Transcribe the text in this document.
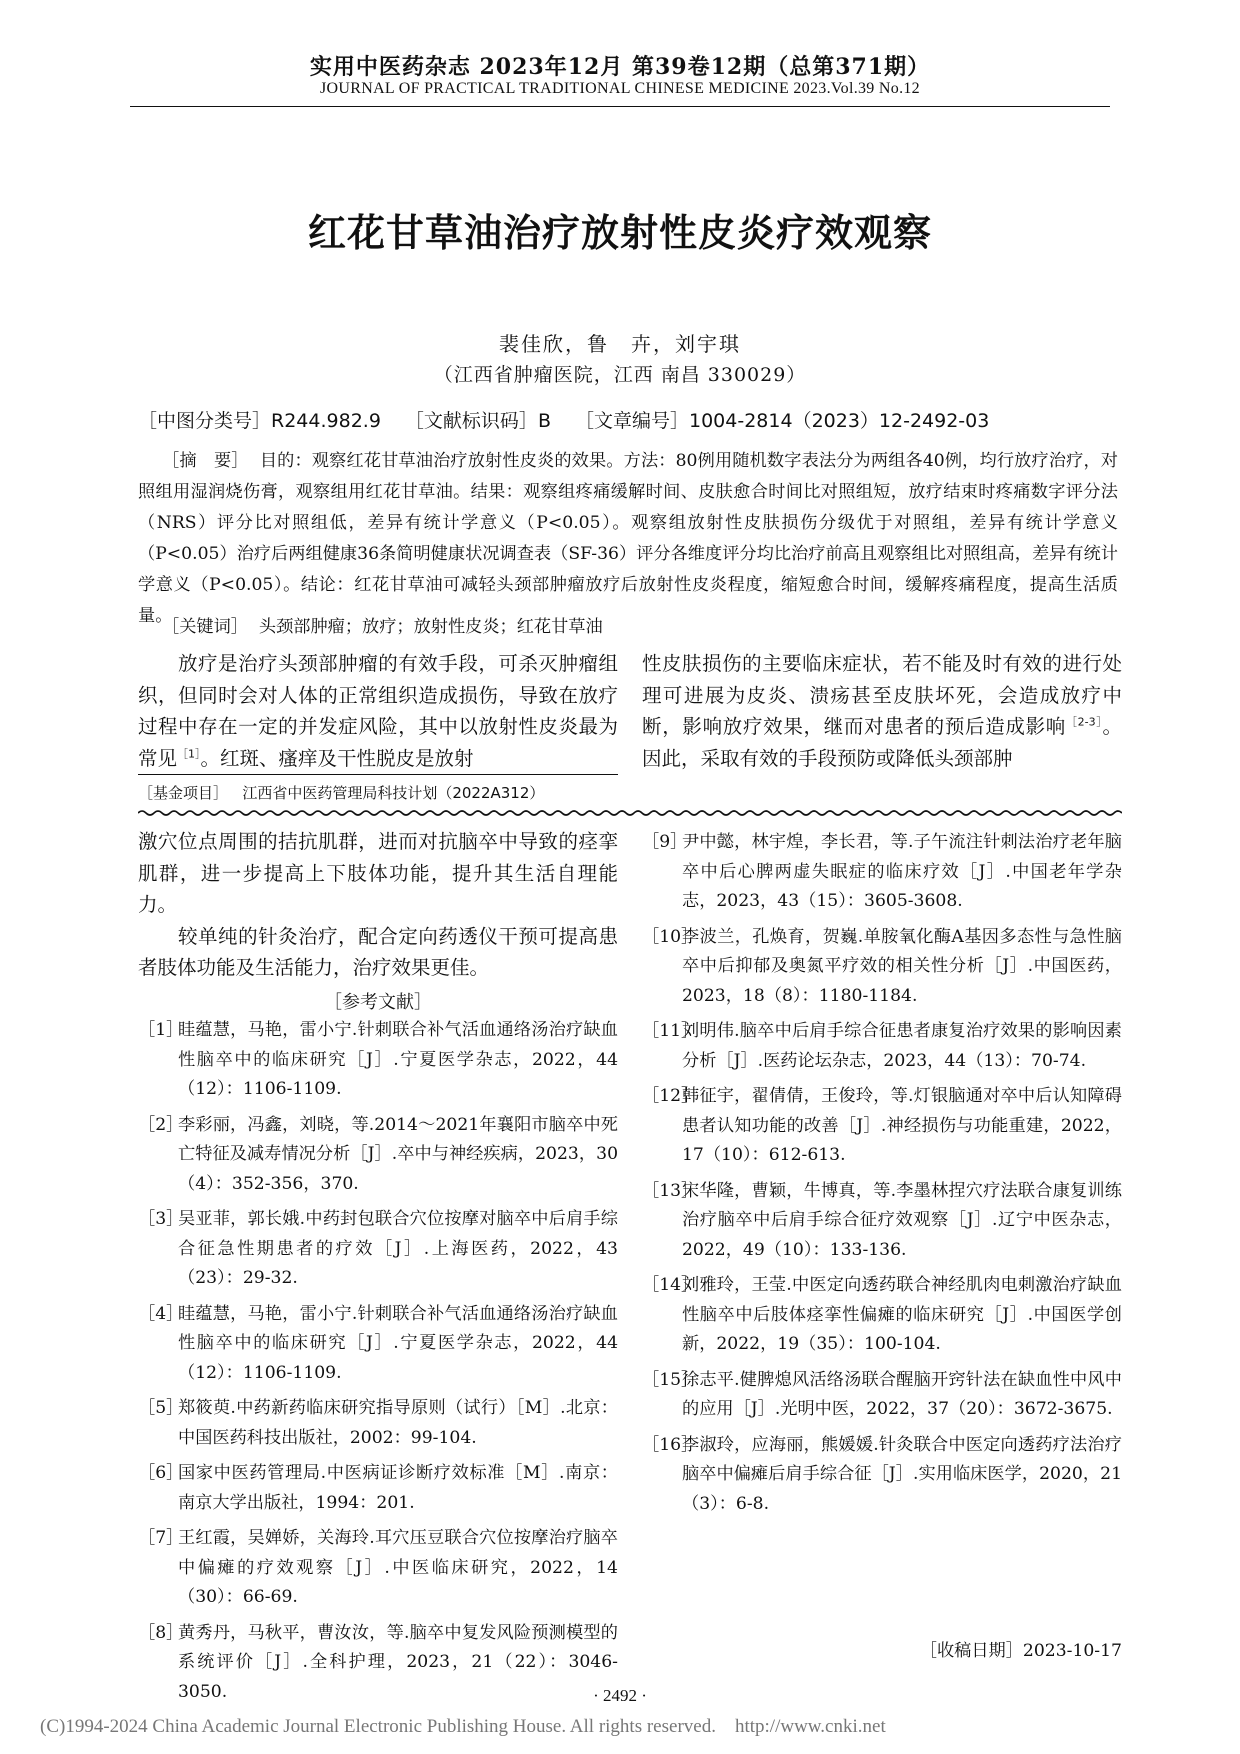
实用中医药杂志 2023年12月 第39卷12期（总第371期）
JOURNAL OF PRACTICAL TRADITIONAL CHINESE MEDICINE 2023.Vol.39 No.12
红花甘草油治疗放射性皮炎疗效观察
裴佳欣，鲁　卉，刘宇琪
（江西省肿瘤医院，江西 南昌 330029）
［中图分类号］R244.982.9 ［文献标识码］B ［文章编号］1004-2814（2023）12-2492-03
［摘　要］ 目的：观察红花甘草油治疗放射性皮炎的效果。方法：80例用随机数字表法分为两组各40例，均行放疗治疗，对照组用湿润烧伤膏，观察组用红花甘草油。结果：观察组疼痛缓解时间、皮肤愈合时间比对照组短，放疗结束时疼痛数字评分法（NRS）评分比对照组低，差异有统计学意义（P<0.05）。观察组放射性皮肤损伤分级优于对照组，差异有统计学意义（P<0.05）治疗后两组健康36条简明健康状况调查表（SF-36）评分各维度评分均比治疗前高且观察组比对照组高，差异有统计学意义（P<0.05）。结论：红花甘草油可减轻头颈部肿瘤放疗后放射性皮炎程度，缩短愈合时间，缓解疼痛程度，提高生活质量。
［关键词］ 头颈部肿瘤；放疗；放射性皮炎；红花甘草油
放疗是治疗头颈部肿瘤的有效手段，可杀灭肿瘤组织，但同时会对人体的正常组织造成损伤，导致在放疗过程中存在一定的并发症风险，其中以放射性皮炎最为常见$^{[1]}$。红斑、瘙痒及干性脱皮是放射
性皮肤损伤的主要临床症状，若不能及时有效的进行处理可进展为皮炎、溃疡甚至皮肤坏死，会造成放疗中断，影响放疗效果，继而对患者的预后造成影响$^{[2-3]}$。因此，采取有效的手段预防或降低头颈部肿
［基金项目］ 江西省中医药管理局科技计划（2022A312）

激穴位点周围的拮抗肌群，进而对抗脑卒中导致的痉挛肌群，进一步提高上下肢体功能，提升其生活自理能力。

较单纯的针灸治疗，配合定向药透仪干预可提高患者肢体功能及生活能力，治疗效果更佳。

［参考文献］
［1］
眭蕴慧，马艳，雷小宁.针刺联合补气活血通络汤治疗缺血性脑卒中的临床研究［J］.宁夏医学杂志，2022，44（12）：1106-1109.
［2］
李彩丽，冯鑫，刘晓，等.2014～2021年襄阳市脑卒中死亡特征及减寿情况分析［J］.卒中与神经疾病，2023，30（4）：352-356，370.
［3］
吴亚菲，郭长娥.中药封包联合穴位按摩对脑卒中后肩手综合征急性期患者的疗效［J］.上海医药，2022，43（23）：29-32.
［4］
眭蕴慧，马艳，雷小宁.针刺联合补气活血通络汤治疗缺血性脑卒中的临床研究［J］.宁夏医学杂志，2022，44（12）：1106-1109.
［5］
郑筱萸.中药新药临床研究指导原则（试行）［M］.北京：中国医药科技出版社，2002：99-104.
［6］
国家中医药管理局.中医病证诊断疗效标准［M］.南京：南京大学出版社，1994：201.
［7］
王红霞，吴婵娇，关海玲.耳穴压豆联合穴位按摩治疗脑卒中偏瘫的疗效观察［J］.中医临床研究，2022，14（30）：66-69.
［8］
黄秀丹，马秋平，曹汝汝，等.脑卒中复发风险预测模型的系统评价［J］.全科护理，2023，21（22）：3046-3050.
［9］
尹中懿，林宇煌，李长君，等.子午流注针刺法治疗老年脑卒中后心脾两虚失眠症的临床疗效［J］.中国老年学杂志，2023，43（15）：3605-3608.
［10］
李波兰，孔焕育，贺巍.单胺氧化酶A基因多态性与急性脑卒中后抑郁及奥氮平疗效的相关性分析［J］.中国医药，2023，18（8）：1180-1184.
［11］
刘明伟.脑卒中后肩手综合征患者康复治疗效果的影响因素分析［J］.医药论坛杂志，2023，44（13）：70-74.
［12］
韩征宇，翟倩倩，王俊玲，等.灯银脑通对卒中后认知障碍患者认知功能的改善［J］.神经损伤与功能重建，2022，17（10）：612-613.
［13］
宋华隆，曹颖，牛博真，等.李墨林捏穴疗法联合康复训练治疗脑卒中后肩手综合征疗效观察［J］.辽宁中医杂志，2022，49（10）：133-136.
［14］
刘雅玲，王莹.中医定向透药联合神经肌肉电刺激治疗缺血性脑卒中后肢体痉挛性偏瘫的临床研究［J］.中国医学创新，2022，19（35）：100-104.
［15］
徐志平.健脾熄风活络汤联合醒脑开窍针法在缺血性中风中的应用［J］.光明中医，2022，37（20）：3672-3675.
［16］
李淑玲，应海丽，熊媛媛.针灸联合中医定向透药疗法治疗脑卒中偏瘫后肩手综合征［J］.实用临床医学，2020，21（3）：6-8.
［收稿日期］2023-10-17
· 2492 ·
(C)1994-2024 China Academic Journal Electronic Publishing House. All rights reserved. http://www.cnki.net
